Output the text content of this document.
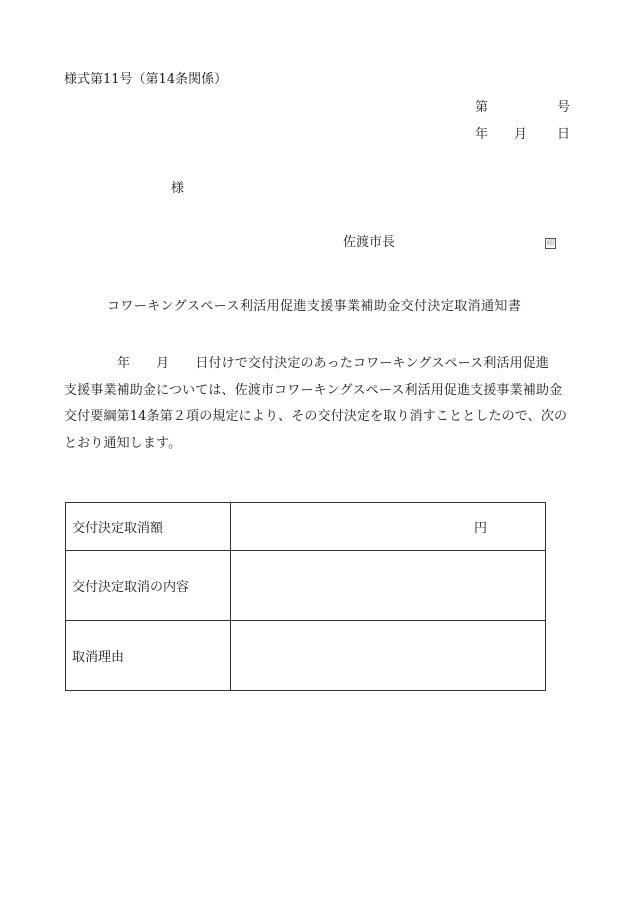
様式第11号（第14条関係）
第	号
年 月 日
様
佐渡市長	印
コワーキングスペース利活用促進支援事業補助金交付決定取消通知書
年 月 日付けで交付決定のあったコワーキングスペース利活用促進
支援事業補助金については、佐渡市コワーキングスペース利活用促進支援事業補助金
交付要綱第14条第２項の規定により、その交付決定を取り消すこととしたので、次の
とおり通知します。
交付決定取消額	円
交付決定取消の内容	
取消理由	
